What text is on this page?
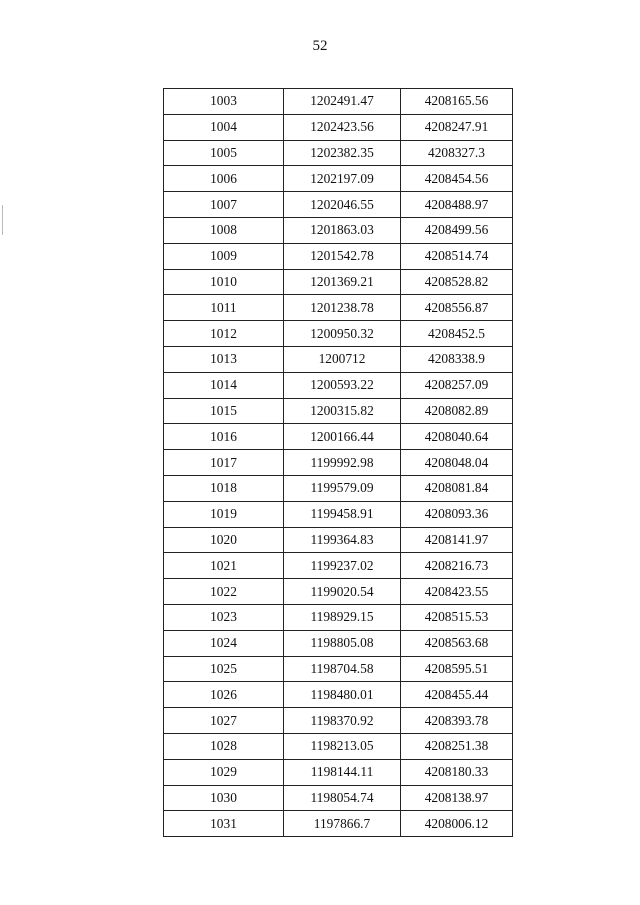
52
1003	1202491.47	4208165.56
1004	1202423.56	4208247.91
1005	1202382.35	4208327.3
1006	1202197.09	4208454.56
1007	1202046.55	4208488.97
1008	1201863.03	4208499.56
1009	1201542.78	4208514.74
1010	1201369.21	4208528.82
1011	1201238.78	4208556.87
1012	1200950.32	4208452.5
1013	1200712	4208338.9
1014	1200593.22	4208257.09
1015	1200315.82	4208082.89
1016	1200166.44	4208040.64
1017	1199992.98	4208048.04
1018	1199579.09	4208081.84
1019	1199458.91	4208093.36
1020	1199364.83	4208141.97
1021	1199237.02	4208216.73
1022	1199020.54	4208423.55
1023	1198929.15	4208515.53
1024	1198805.08	4208563.68
1025	1198704.58	4208595.51
1026	1198480.01	4208455.44
1027	1198370.92	4208393.78
1028	1198213.05	4208251.38
1029	1198144.11	4208180.33
1030	1198054.74	4208138.97
1031	1197866.7	4208006.12
